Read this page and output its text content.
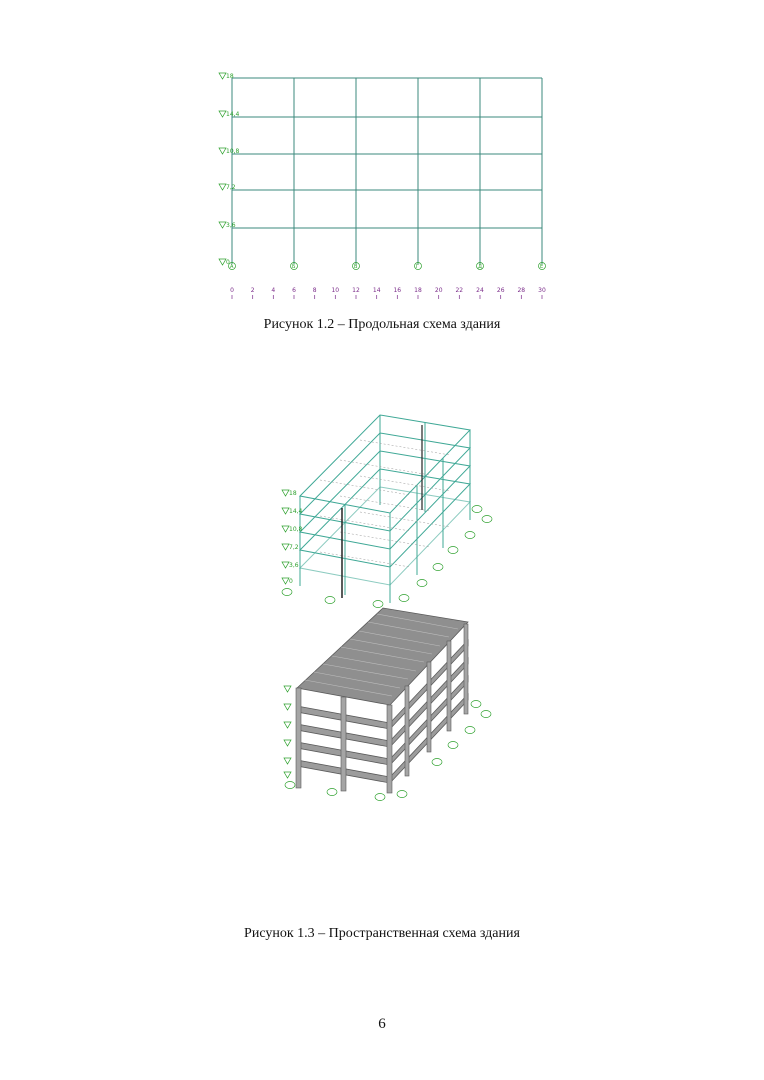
18
14,4
10,8
7,2
3,6
0
А	Б	В	Г	Д	Е
0	2	4	6	8 10 12 14 16 18 20 22 24 26 28 30
18
14,4
10,8
7,2
3,6
0
Рисунок 1.2 – Продольная схема здания
Рисунок 1.3 – Пространственная схема здания
6
